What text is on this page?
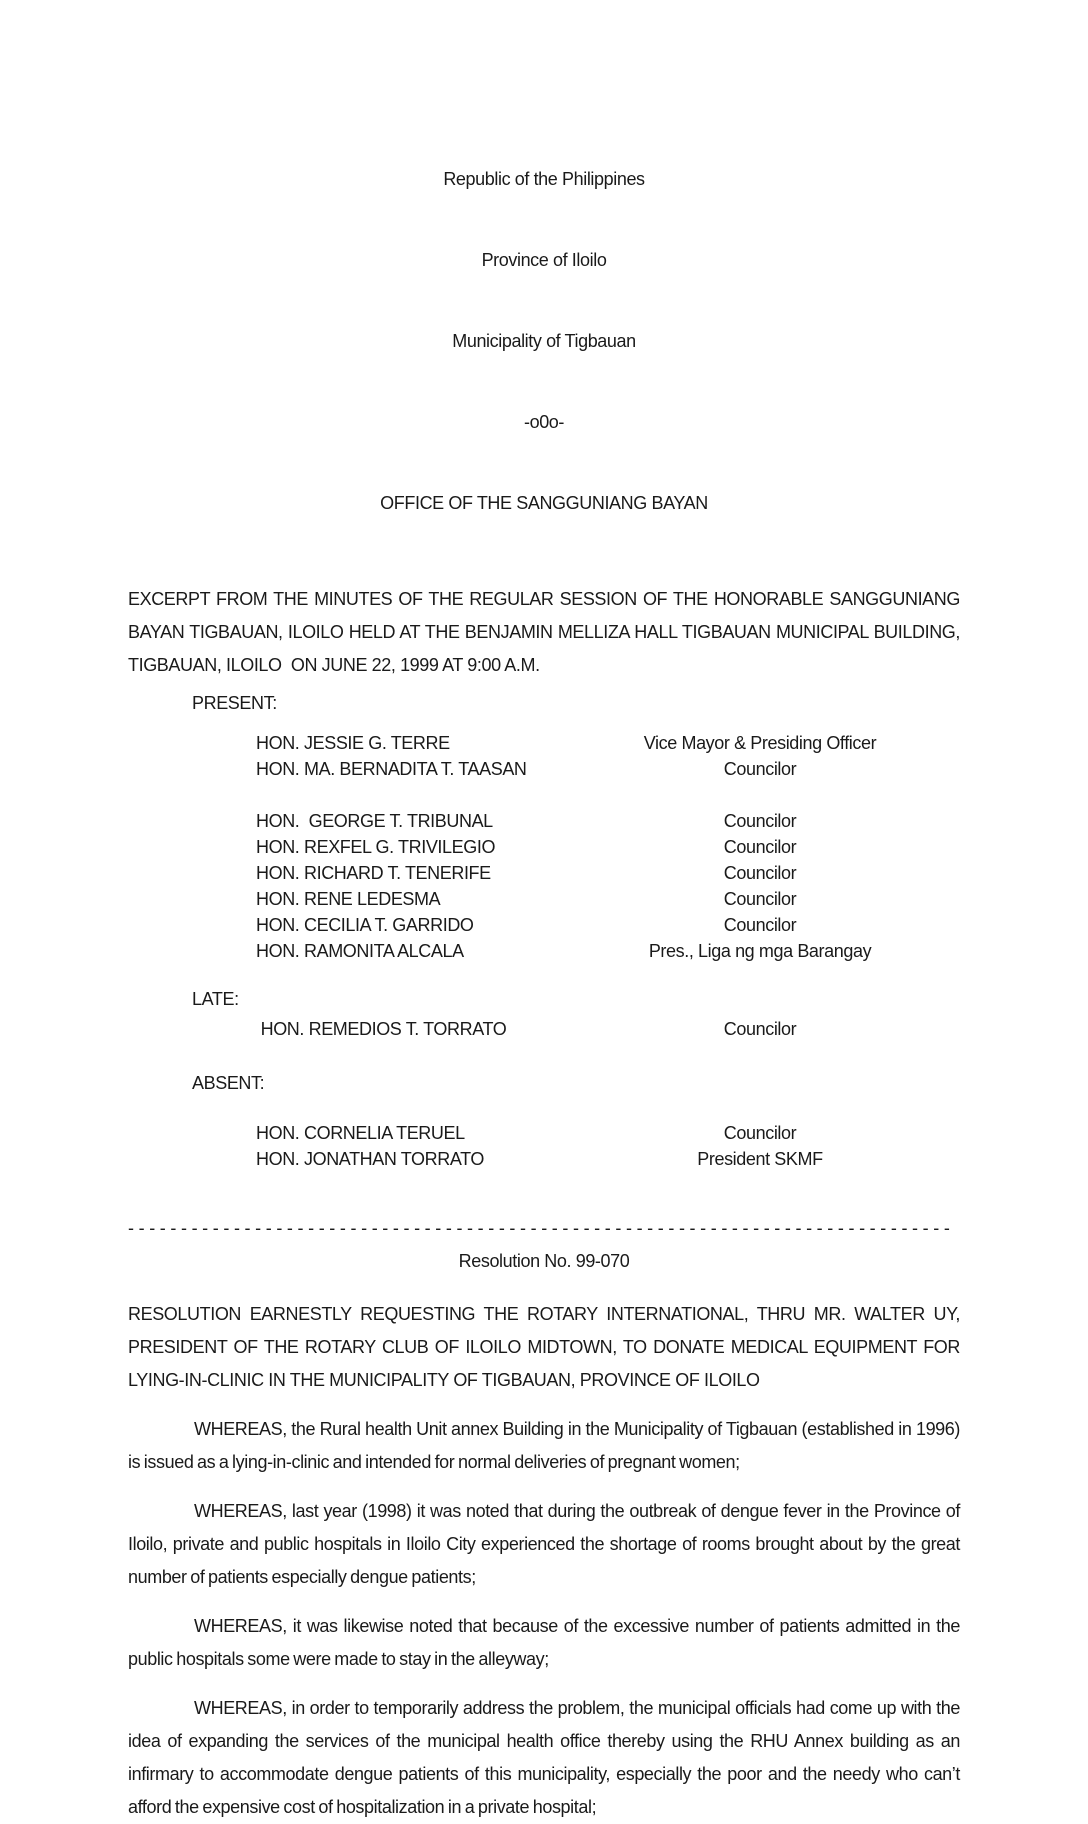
Republic of the Philippines

Province of Iloilo

Municipality of Tigbauan

-o0o-

OFFICE OF THE SANGGUNIANG BAYAN

EXCERPT FROM THE MINUTES OF THE REGULAR SESSION OF THE HONORABLE SANGGUNIANG BAYAN TIGBAUAN, ILOILO HELD AT THE BENJAMIN MELLIZA HALL TIGBAUAN MUNICIPAL BUILDING, TIGBAUAN, ILOILO  ON JUNE 22, 1999 AT 9:00 A.M.

PRESENT:
HON. JESSIE G. TERRE	Vice Mayor & Presiding Officer
HON. MA. BERNADITA T. TAASAN	Councilor
HON.  GEORGE T. TRIBUNAL	Councilor
HON. REXFEL G. TRIVILEGIO	Councilor
HON. RICHARD T. TENERIFE	Councilor
HON. RENE LEDESMA	Councilor
HON. CECILIA T. GARRIDO	Councilor
HON. RAMONITA ALCALA	Pres., Liga ng mga Barangay
LATE:
HON. REMEDIOS T. TORRATO	Councilor
ABSENT:
HON. CORNELIA TERUEL	Councilor
HON. JONATHAN TORRATO	President SKMF
- - - - - - - - - - - - - - - - - - - - - - - - - - - - - - - - - - - - - - - - - - - - - - - - - - - - - - - - - - - - - - - - - - - - - - - - - - - - - -
Resolution No. 99-070

RESOLUTION EARNESTLY REQUESTING THE ROTARY INTERNATIONAL, THRU MR. WALTER UY, PRESIDENT OF THE ROTARY CLUB OF ILOILO MIDTOWN, TO DONATE MEDICAL EQUIPMENT FOR LYING-IN-CLINIC IN THE MUNICIPALITY OF TIGBAUAN, PROVINCE OF ILOILO

WHEREAS, the Rural health Unit annex Building in the Municipality of Tigbauan (established in 1996) is issued as a lying-in-clinic and intended for normal deliveries of pregnant women;

WHEREAS, last year (1998) it was noted that during the outbreak of dengue fever in the Province of Iloilo, private and public hospitals in Iloilo City experienced the shortage of rooms brought about by the great number of patients especially dengue patients;

WHEREAS, it was likewise noted that because of the excessive number of patients admitted in the public hospitals some were made to stay in the alleyway;

WHEREAS, in order to temporarily address the problem, the municipal officials had come up with the idea of expanding the services of the municipal health office thereby using the RHU Annex building as an infirmary to accommodate dengue patients of this municipality, especially the poor and the needy who can’t afford the expensive cost of hospitalization in a private hospital;
